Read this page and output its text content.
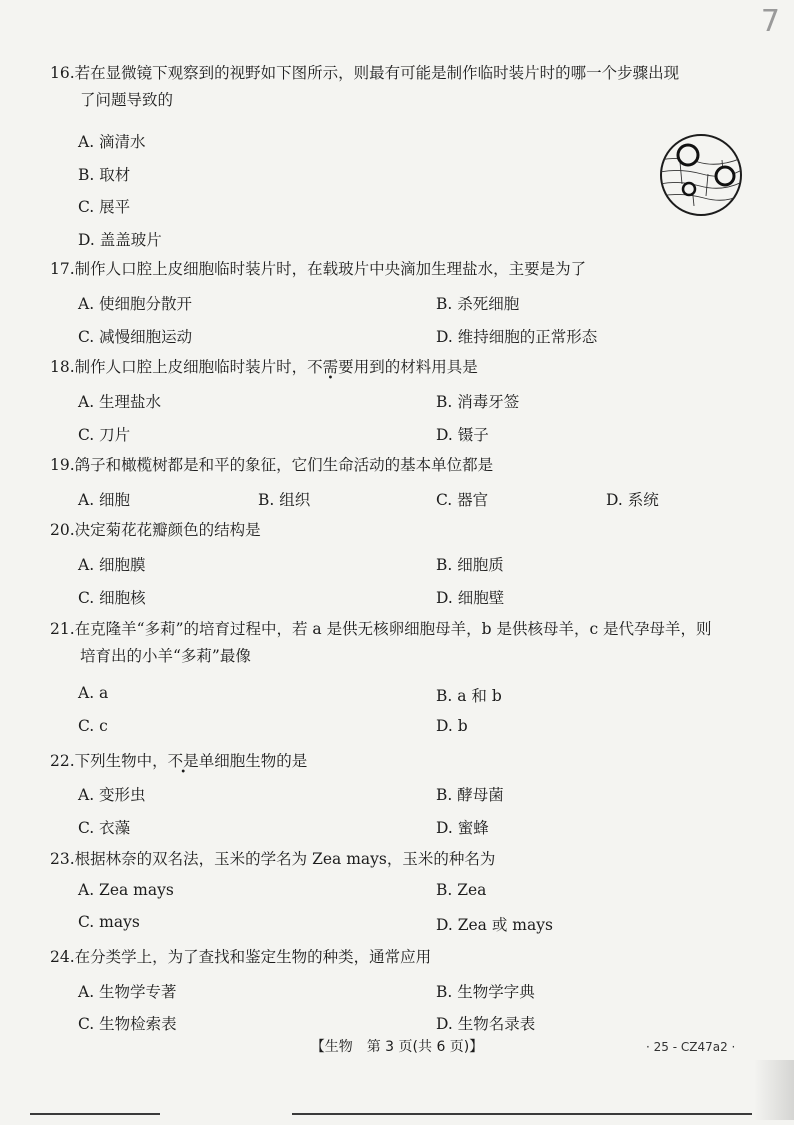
7
16.若在显微镜下观察到的视野如下图所示，则最有可能是制作临时装片时的哪一个步骤出现
了问题导致的
A. 滴清水
B. 取材
C. 展平
D. 盖盖玻片
17.制作人口腔上皮细胞临时装片时，在载玻片中央滴加生理盐水，主要是为了
A. 使细胞分散开	B. 杀死细胞
C. 减慢细胞运动	D. 维持细胞的正常形态
18.制作人口腔上皮细胞临时装片时，不需要用到的材料用具是
A. 生理盐水	B. 消毒牙签
C. 刀片	D. 镊子
19.鸽子和橄榄树都是和平的象征，它们生命活动的基本单位都是
A. 细胞	B. 组织	C. 器官	D. 系统
20.决定菊花花瓣颜色的结构是
A. 细胞膜	B. 细胞质
C. 细胞核	D. 细胞壁
21.在克隆羊“多莉”的培育过程中，若 a 是供无核卵细胞母羊，b 是供核母羊，c 是代孕母羊，则
培育出的小羊“多莉”最像
A. a	B. a 和 b
C. c	D. b
22.下列生物中，不是单细胞生物的是
A. 变形虫	B. 酵母菌
C. 衣藻	D. 蜜蜂
23.根据林奈的双名法，玉米的学名为 Zea mays，玉米的种名为
A. Zea mays	B. Zea
C. mays	D. Zea 或 mays
24.在分类学上，为了查找和鉴定生物的种类，通常应用
A. 生物学专著	B. 生物学字典
C. 生物检索表	D. 生物名录表
【生物　第 3 页(共 6 页)】	· 25 - CZ47a2 ·
